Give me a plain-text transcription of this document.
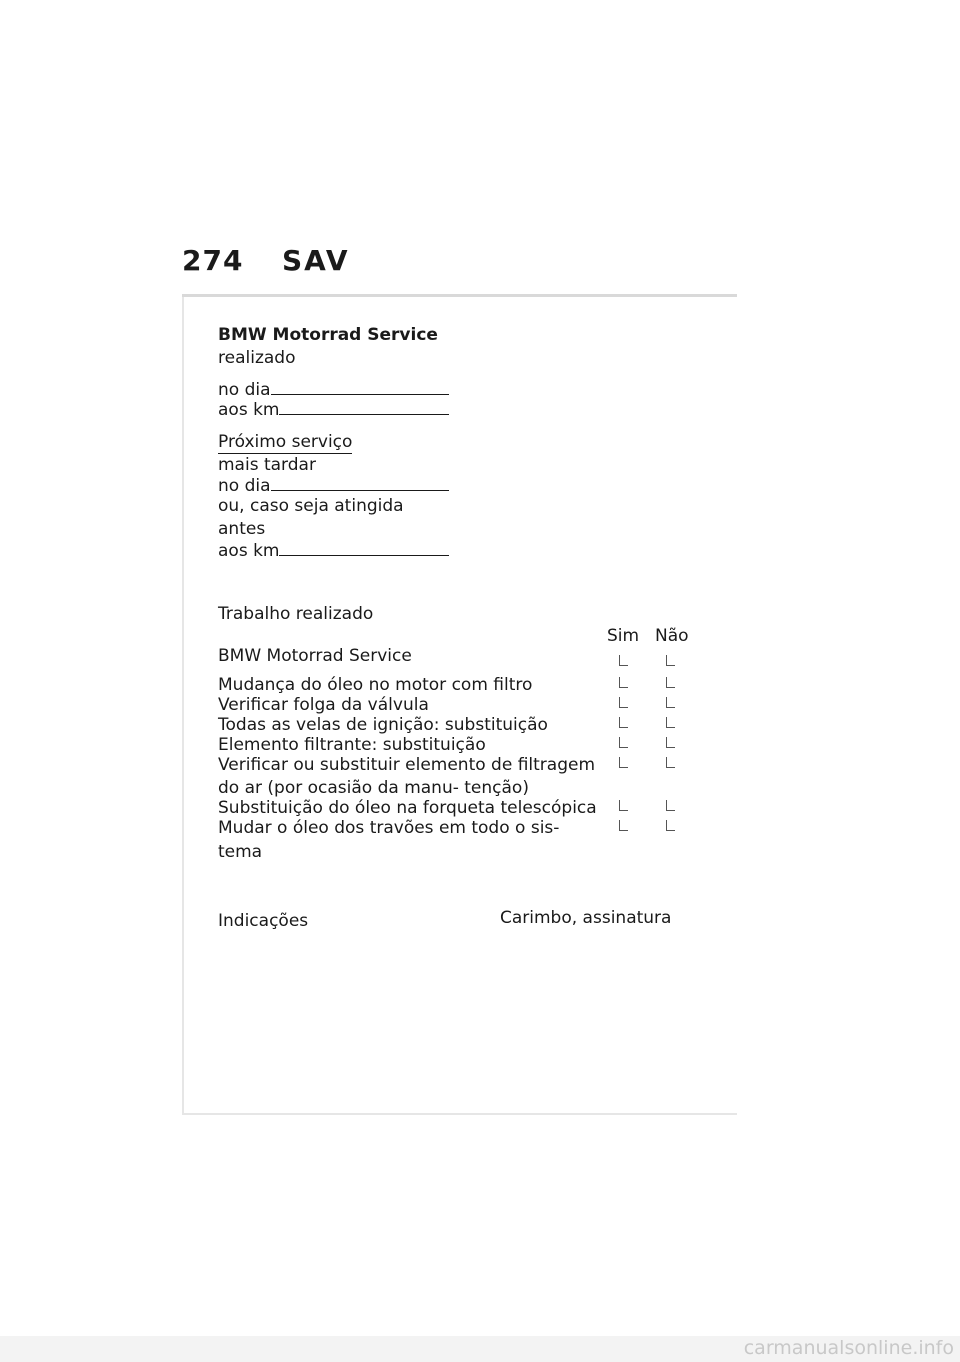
274 SAV
BMW Motorrad Service
realizado
no dia
aos km
Próximo serviço
mais tardar
no dia
ou, caso seja atingida
antes
aos km
Trabalho realizado
Sim Não
BMW Motorrad Service
Mudança do óleo no motor com filtro
Verificar folga da válvula
Todas as velas de ignição: substituição
Elemento filtrante: substituição
Verificar ou substituir elemento de filtragem
do ar (por ocasião da manu- tenção)
Substituição do óleo na forqueta telescópica
Mudar o óleo dos travões em todo o sis-
tema
Indicações	Carimbo, assinatura
carmanualsonline.info
